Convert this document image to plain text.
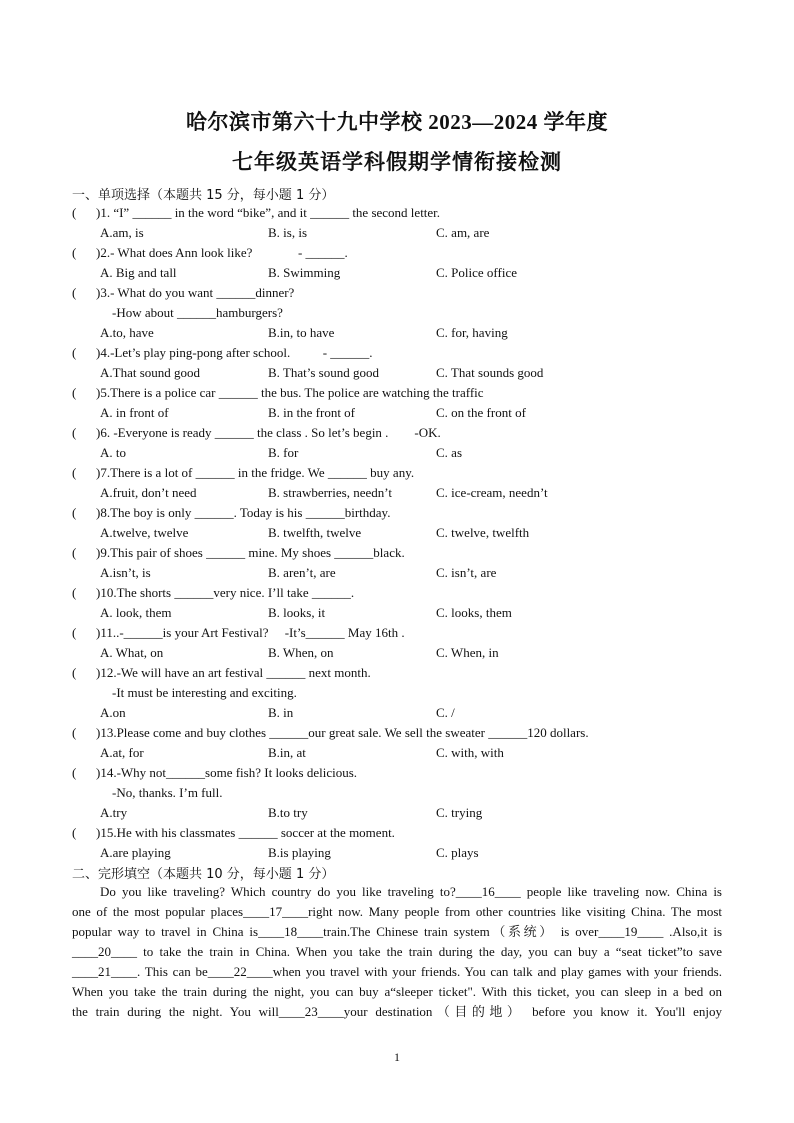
哈尔滨市第六十九中学校 2023—2024 学年度
七年级英语学科假期学情衔接检测
一、单项选择（本题共 15 分，每小题 1 分）
( )1. “I” ______ in the word “bike”, and it ______ the second letter.
A.am, is	B. is, is	C. am, are
( )2.- What does Ann look like?              - ______.
A. Big and tall	B. Swimming	C. Police office
( )3.- What do you want ______dinner?
-How about ______hamburgers?
A.to, have	B.in, to have	C. for, having
( )4.-Let’s play ping-pong after school.          - ______.
A.That sound good	B. That’s sound good	C. That sounds good
( )5.There is a police car ______ the bus. The police are watching the traffic
A. in front of	B. in the front of	C. on the front of
( )6. -Everyone is ready ______ the class . So let’s begin .        -OK.
A. to	B. for	C. as
( )7.There is a lot of ______ in the fridge. We ______ buy any.
A.fruit, don’t need	B. strawberries, needn’t	C. ice-cream, needn’t
( )8.The boy is only ______. Today is his ______birthday.
A.twelve, twelve	B. twelfth, twelve	C. twelve, twelfth
( )9.This pair of shoes ______ mine. My shoes ______black.
A.isn’t, is	B. aren’t, are	C. isn’t, are
( )10.The shorts ______very nice. I’ll take ______.
A. look, them	B. looks, it	C. looks, them
( )11..-______is your Art Festival?     -It’s______ May 16th .
A. What, on	B. When, on	C. When, in
( )12.-We will have an art festival ______ next month.
-It must be interesting and exciting.
A.on	B. in	C. /
( )13.Please come and buy clothes ______our great sale. We sell the sweater ______120 dollars.
A.at, for	B.in, at	C. with, with
( )14.-Why not______some fish? It looks delicious.
-No, thanks. I’m full.
A.try	B.to try	C. trying
( )15.He with his classmates ______ soccer at the moment.
A.are playing	B.is playing	C. plays
二、完形填空（本题共 10 分，每小题 1 分）
Do you like traveling? Which country do you like traveling to?____16____ people like traveling now. China is
one of the most popular places____17____right now. Many people from other countries like visiting China. The most
popular way to travel in China is____18____train.The Chinese train system（系统） is over____19____ .Also,it is
____20____ to take the train in China. When you take the train during the day, you can buy a “seat ticket”to save
____21____. This can be____22____when you travel with your friends. You can talk and play games with your friends.
When you take the train during the night, you can buy a“sleeper ticket". With this ticket, you can sleep in a bed on
the train during the night. You will____23____your destination（目的地） before you know it. You'll enjoy
1
